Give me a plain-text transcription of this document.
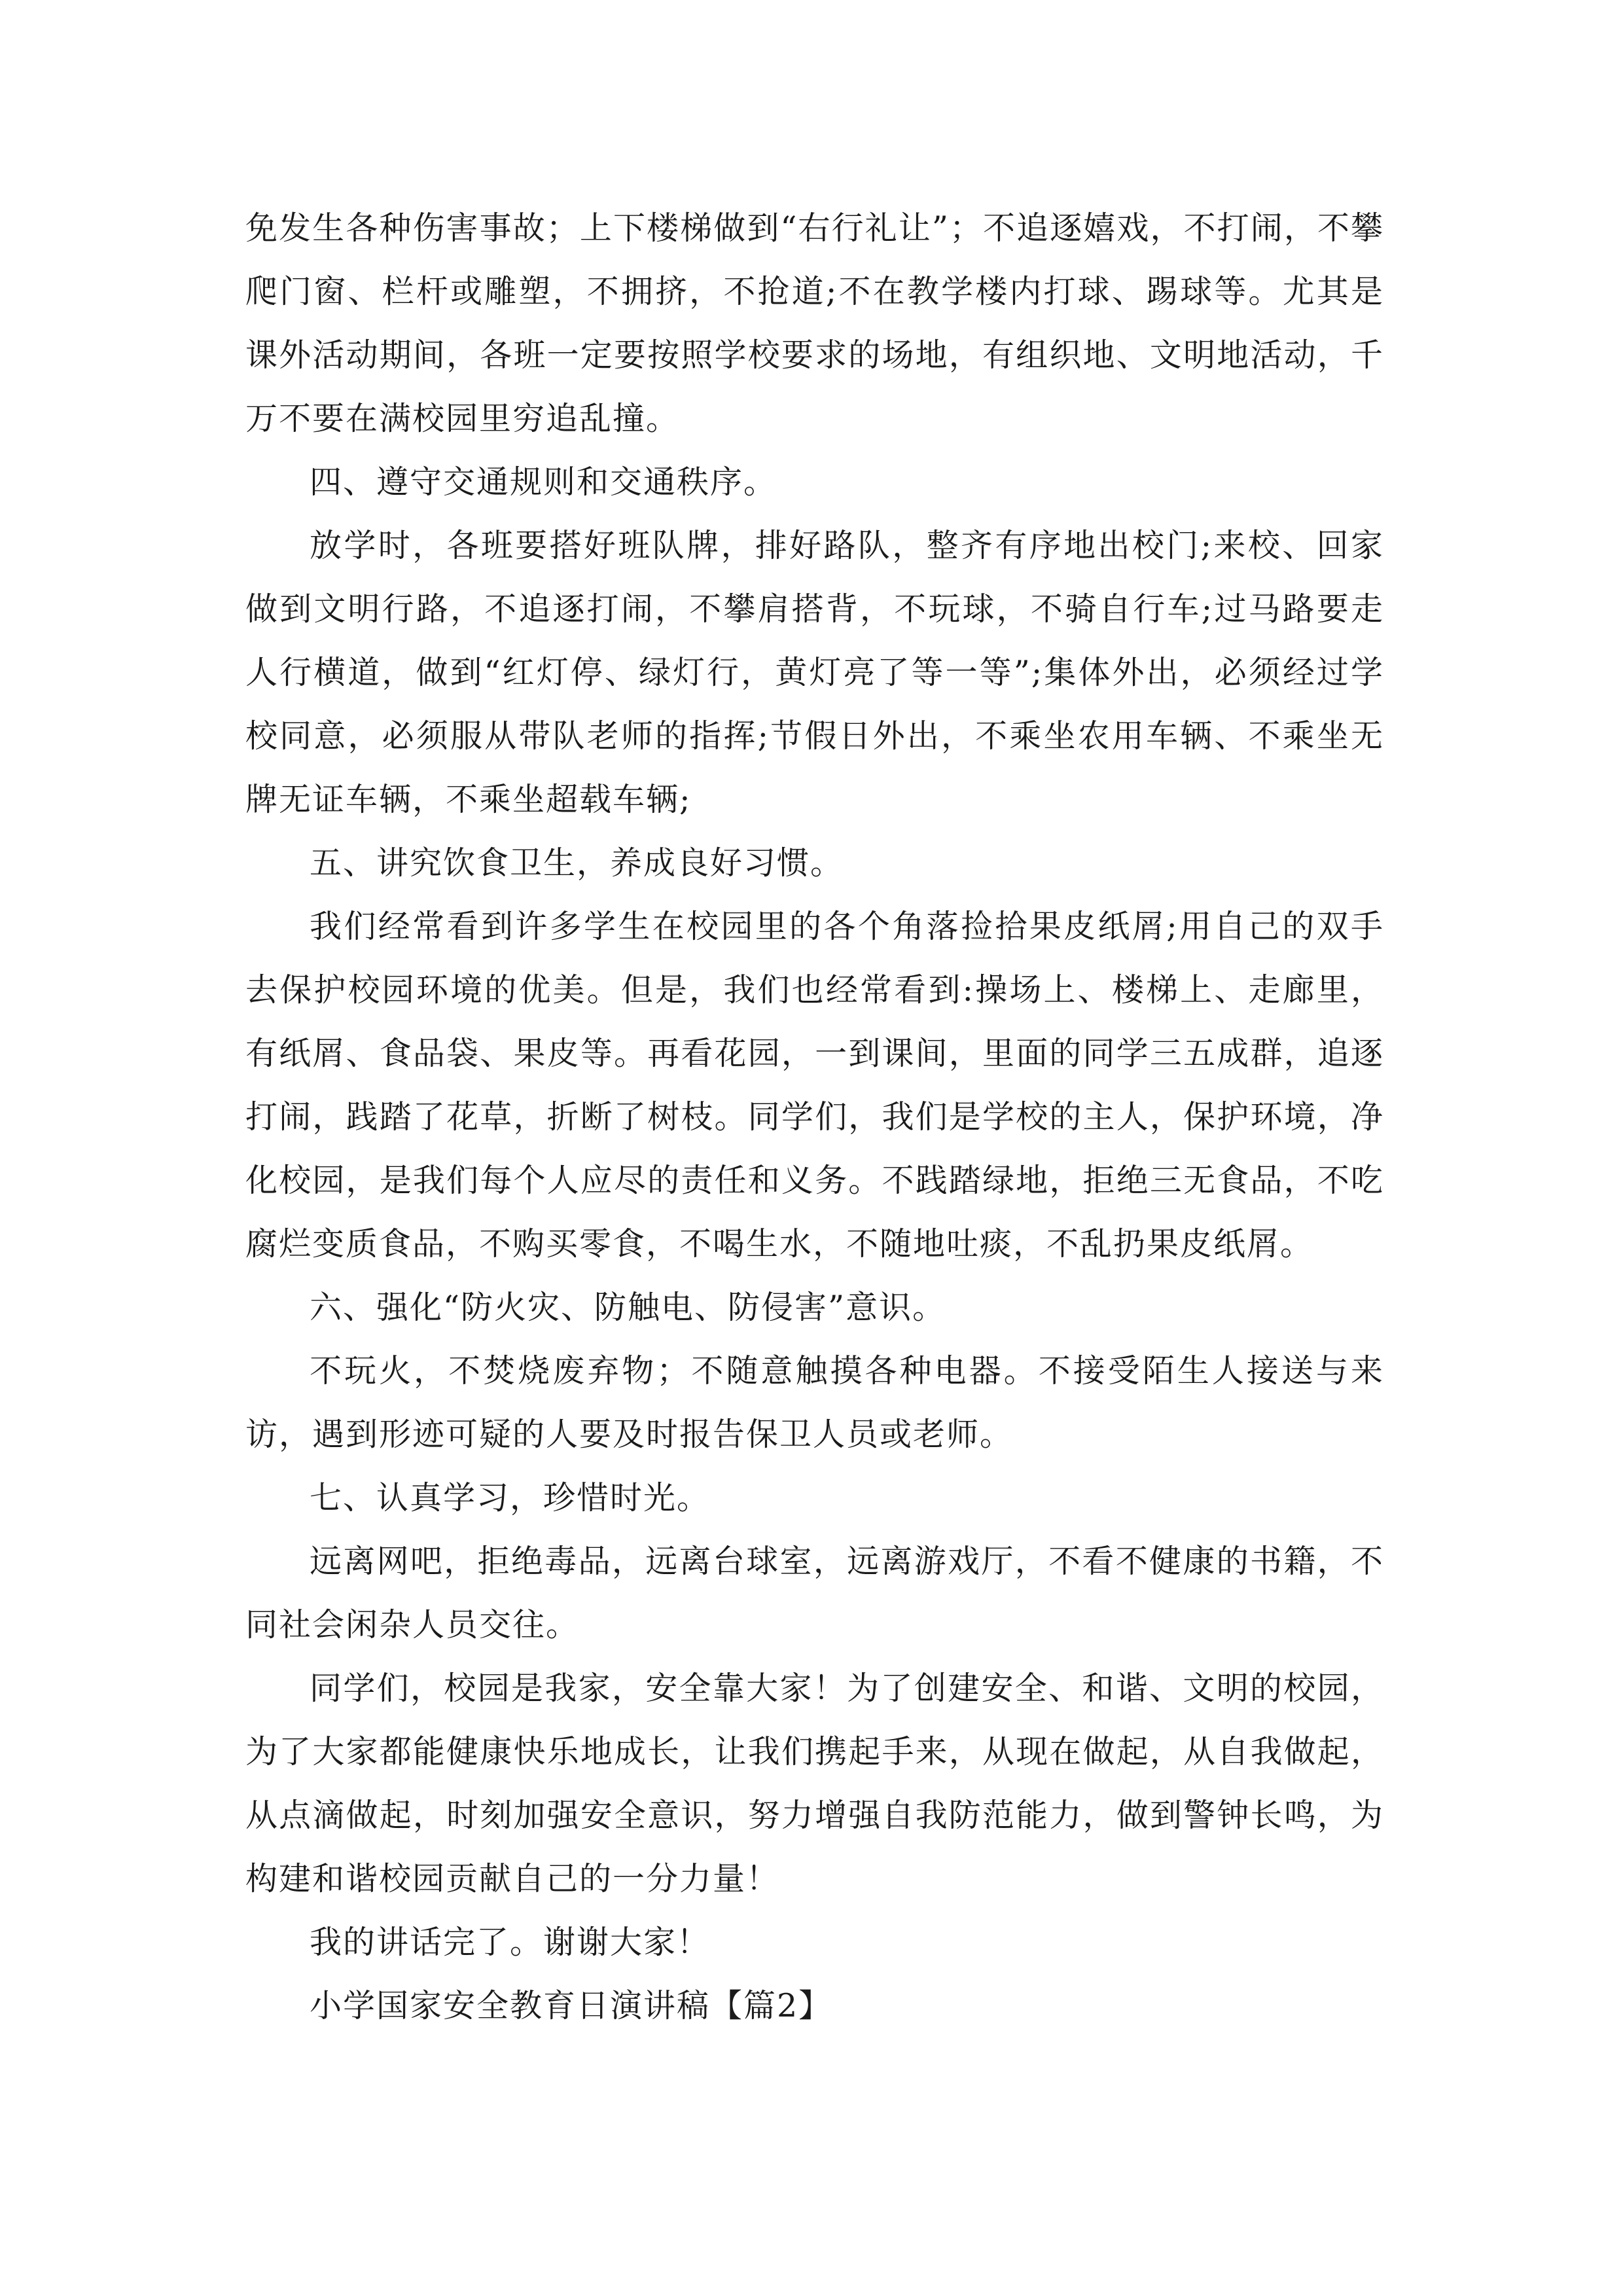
免发生各种伤害事故；上下楼梯做到“右行礼让”；不追逐嬉戏，不打闹，不攀爬门窗、栏杆或雕塑，不拥挤，不抢道;不在教学楼内打球、踢球等。尤其是课外活动期间，各班一定要按照学校要求的场地，有组织地、文明地活动，千万不要在满校园里穷追乱撞。

四、遵守交通规则和交通秩序。

放学时，各班要搭好班队牌，排好路队，整齐有序地出校门;来校、回家做到文明行路，不追逐打闹，不攀肩搭背，不玩球，不骑自行车;过马路要走人行横道，做到“红灯停、绿灯行，黄灯亮了等一等”;集体外出，必须经过学校同意，必须服从带队老师的指挥;节假日外出，不乘坐农用车辆、不乘坐无牌无证车辆，不乘坐超载车辆;

五、讲究饮食卫生，养成良好习惯。

我们经常看到许多学生在校园里的各个角落捡拾果皮纸屑;用自己的双手去保护校园环境的优美。但是，我们也经常看到:操场上、楼梯上、走廊里，有纸屑、食品袋、果皮等。再看花园，一到课间，里面的同学三五成群，追逐打闹，践踏了花草，折断了树枝。同学们，我们是学校的主人，保护环境，净化校园，是我们每个人应尽的责任和义务。不践踏绿地，拒绝三无食品，不吃腐烂变质食品，不购买零食，不喝生水，不随地吐痰，不乱扔果皮纸屑。

六、强化“防火灾、防触电、防侵害”意识。

不玩火，不焚烧废弃物；不随意触摸各种电器。不接受陌生人接送与来访，遇到形迹可疑的人要及时报告保卫人员或老师。

七、认真学习，珍惜时光。

远离网吧，拒绝毒品，远离台球室，远离游戏厅，不看不健康的书籍，不同社会闲杂人员交往。

同学们，校园是我家，安全靠大家！为了创建安全、和谐、文明的校园，为了大家都能健康快乐地成长，让我们携起手来，从现在做起，从自我做起，从点滴做起，时刻加强安全意识，努力增强自我防范能力，做到警钟长鸣，为构建和谐校园贡献自己的一分力量！

我的讲话完了。谢谢大家！

小学国家安全教育日演讲稿【篇2】
